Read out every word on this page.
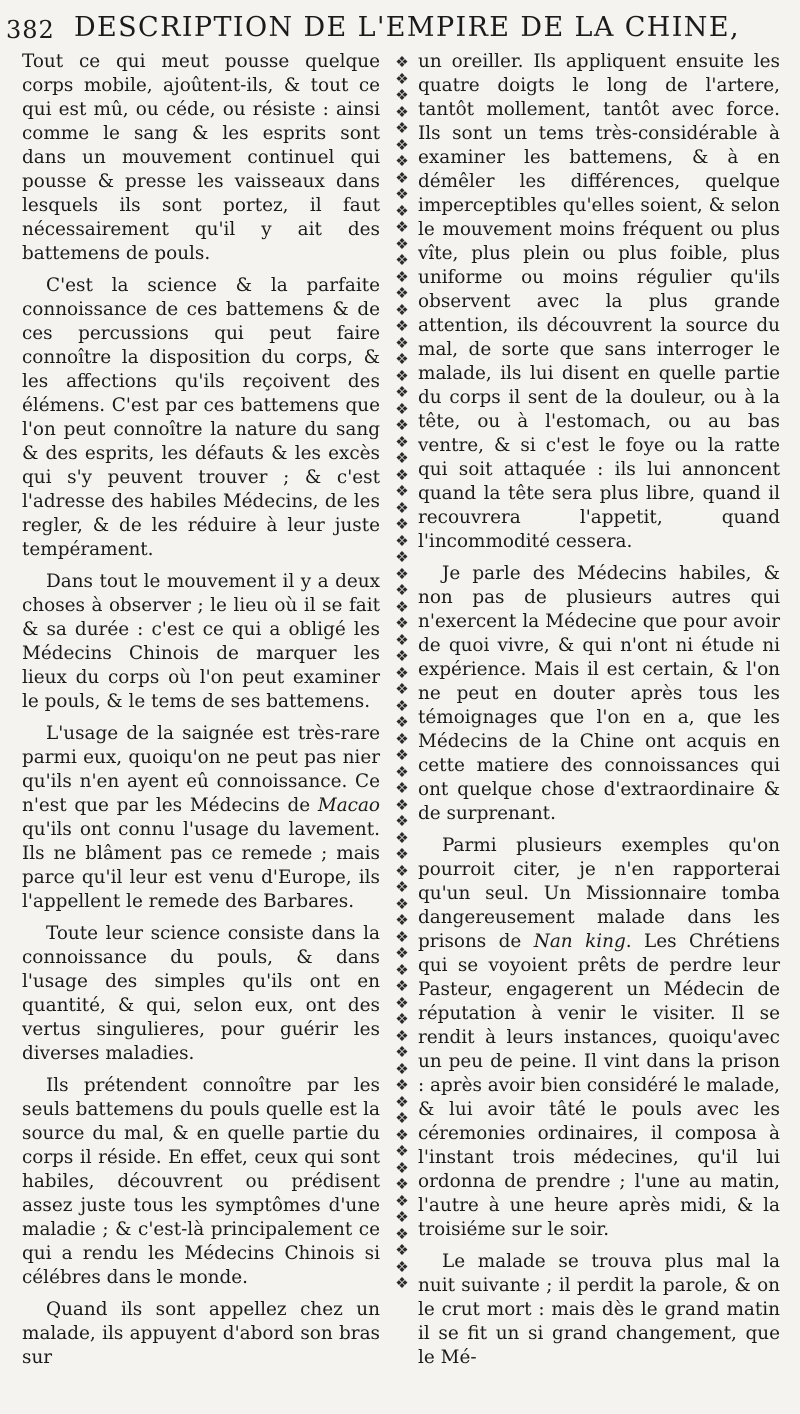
382 DESCRIPTION DE L'EMPIRE DE LA CHINE,

Tout ce qui meut pousse quelque corps mobile, ajoûtent-ils, & tout ce qui est mû, ou céde, ou résiste : ainsi comme le sang & les esprits sont dans un mouvement continuel qui pousse & presse les vaisseaux dans lesquels ils sont portez, il faut nécessairement qu'il y ait des battemens de pouls.

C'est la science & la parfaite connoissance de ces battemens & de ces percussions qui peut faire connoître la disposition du corps, & les affections qu'ils reçoivent des élémens. C'est par ces battemens que l'on peut connoître la nature du sang & des esprits, les défauts & les excès qui s'y peuvent trouver ; & c'est l'adresse des habiles Médecins, de les regler, & de les réduire à leur juste tempérament.

Dans tout le mouvement il y a deux choses à observer ; le lieu où il se fait & sa durée : c'est ce qui a obligé les Médecins Chinois de marquer les lieux du corps où l'on peut examiner le pouls, & le tems de ses battemens.

L'usage de la saignée est très-rare parmi eux, quoiqu'on ne peut pas nier qu'ils n'en ayent eû connoissance. Ce n'est que par les Médecins de Macao qu'ils ont connu l'usage du lavement. Ils ne blâment pas ce remede ; mais parce qu'il leur est venu d'Europe, ils l'appellent le remede des Barbares.

Toute leur science consiste dans la connoissance du pouls, & dans l'usage des simples qu'ils ont en quantité, & qui, selon eux, ont des vertus singulieres, pour guérir les diverses maladies.

Ils prétendent connoître par les seuls battemens du pouls quelle est la source du mal, & en quelle partie du corps il réside. En effet, ceux qui sont habiles, découvrent ou prédisent assez juste tous les symptômes d'une maladie ; & c'est-là principalement ce qui a rendu les Médecins Chinois si célébres dans le monde.

Quand ils sont appellez chez un malade, ils appuyent d'abord son bras sur

❖
❖
❖
❖
❖
❖
❖
❖
❖
❖
❖
❖
❖
❖
❖
❖
❖
❖
❖
❖
❖
❖
❖
❖
❖
❖
❖
❖
❖
❖
❖
❖
❖
❖
❖
❖
❖
❖
❖
❖
❖
❖
❖
❖
❖
❖
❖
❖
❖
❖
❖
❖
❖
❖
❖
❖
❖
❖
❖
❖
❖
❖
❖
❖
❖
❖
❖
❖
❖
❖
❖
❖
❖
❖
❖

un oreiller. Ils appliquent ensuite les quatre doigts le long de l'artere, tantôt mollement, tantôt avec force. Ils sont un tems très-considérable à examiner les battemens, & à en démêler les différences, quelque imperceptibles qu'elles soient, & selon le mouvement moins fréquent ou plus vîte, plus plein ou plus foible, plus uniforme ou moins régulier qu'ils observent avec la plus grande attention, ils découvrent la source du mal, de sorte que sans interroger le malade, ils lui disent en quelle partie du corps il sent de la douleur, ou à la tête, ou à l'estomach, ou au bas ventre, & si c'est le foye ou la ratte qui soit attaquée : ils lui annoncent quand la tête sera plus libre, quand il recouvrera l'appetit, quand l'incommodité cessera.

Je parle des Médecins habiles, & non pas de plusieurs autres qui n'exercent la Médecine que pour avoir de quoi vivre, & qui n'ont ni étude ni expérience. Mais il est certain, & l'on ne peut en douter après tous les témoignages que l'on en a, que les Médecins de la Chine ont acquis en cette matiere des connoissances qui ont quelque chose d'extraordinaire & de surprenant.

Parmi plusieurs exemples qu'on pourroit citer, je n'en rapporterai qu'un seul. Un Missionnaire tomba dangereusement malade dans les prisons de Nan king. Les Chrétiens qui se voyoient prêts de perdre leur Pasteur, engagerent un Médecin de réputation à venir le visiter. Il se rendit à leurs instances, quoiqu'avec un peu de peine. Il vint dans la prison : après avoir bien considéré le malade, & lui avoir tâté le pouls avec les céremonies ordinaires, il composa à l'instant trois médecines, qu'il lui ordonna de prendre ; l'une au matin, l'autre à une heure après midi, & la troisiéme sur le soir.

Le malade se trouva plus mal la nuit suivante ; il perdit la parole, & on le crut mort : mais dès le grand matin il se fit un si grand changement, que le Mé-
